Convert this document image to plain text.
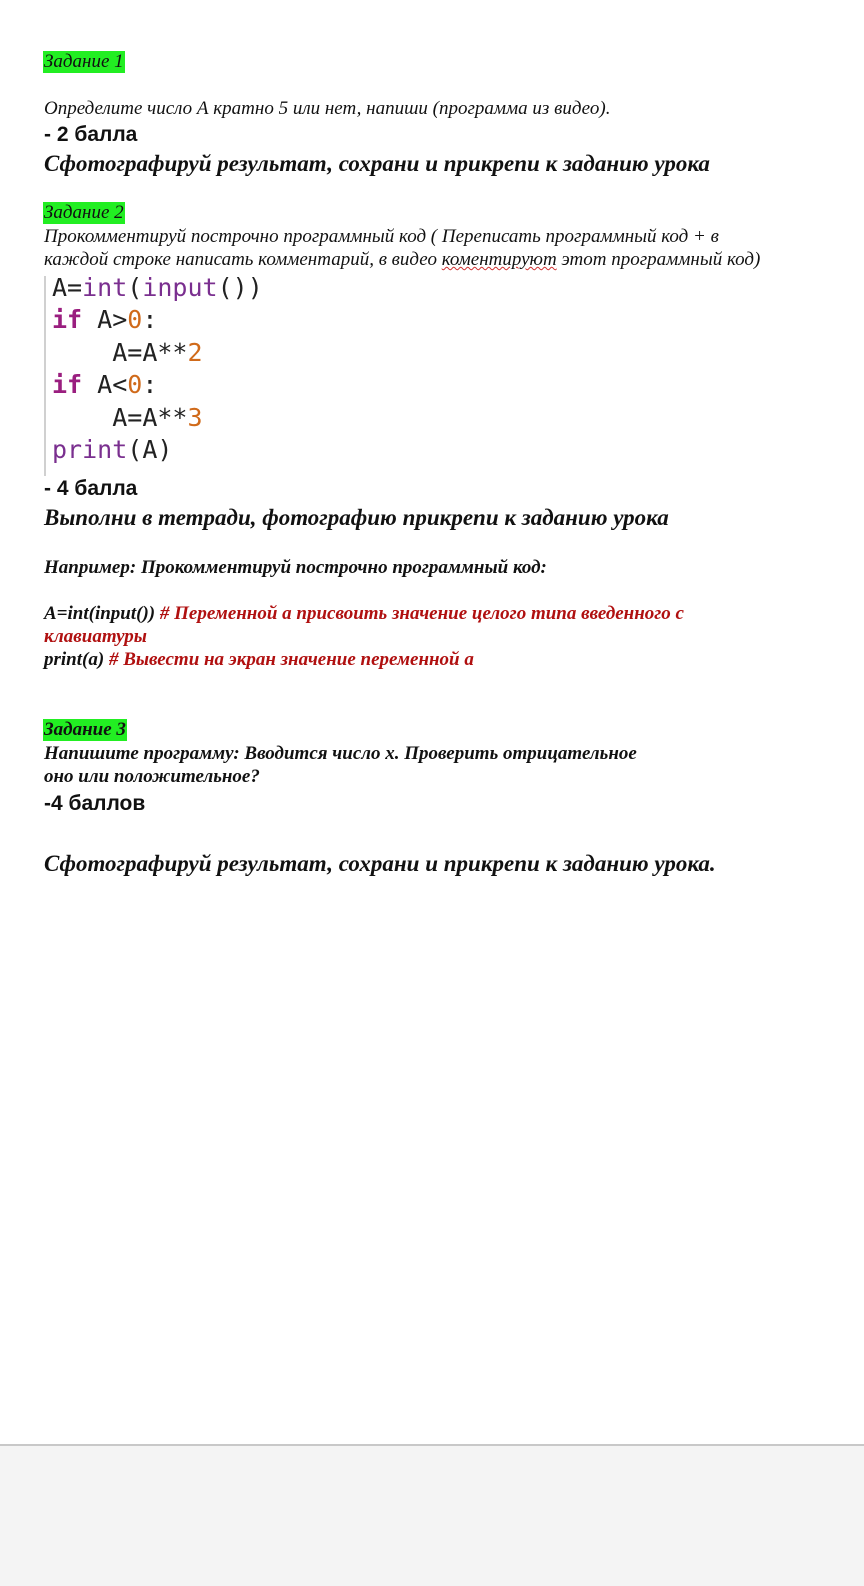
Задание 1
Определите число А кратно 5 или нет, напиши (программа из видео).
- 2 балла
Сфотографируй результат, сохрани и прикрепи к заданию урока
Задание 2
Прокомментируй построчно программный код ( Переписать программный код + в
каждой строке написать комментарий, в видео коментируют этот программный код)
A=int(input())
if A>0:
A=A**2
if A<0:
A=A**3
print(A)
- 4 балла
Выполни в тетради, фотографию прикрепи к заданию урока
Например: Прокомментируй построчно программный код:
A=int(input()) # Переменной а присвоить значение целого типа введенного с
клавиатуры
print(a) # Вывести на экран значение переменной а
Задание 3
Напишите программу: Вводится число х. Проверить отрицательное
оно или положительное?
-4 баллов
Сфотографируй результат, сохрани и прикрепи к заданию урока.
